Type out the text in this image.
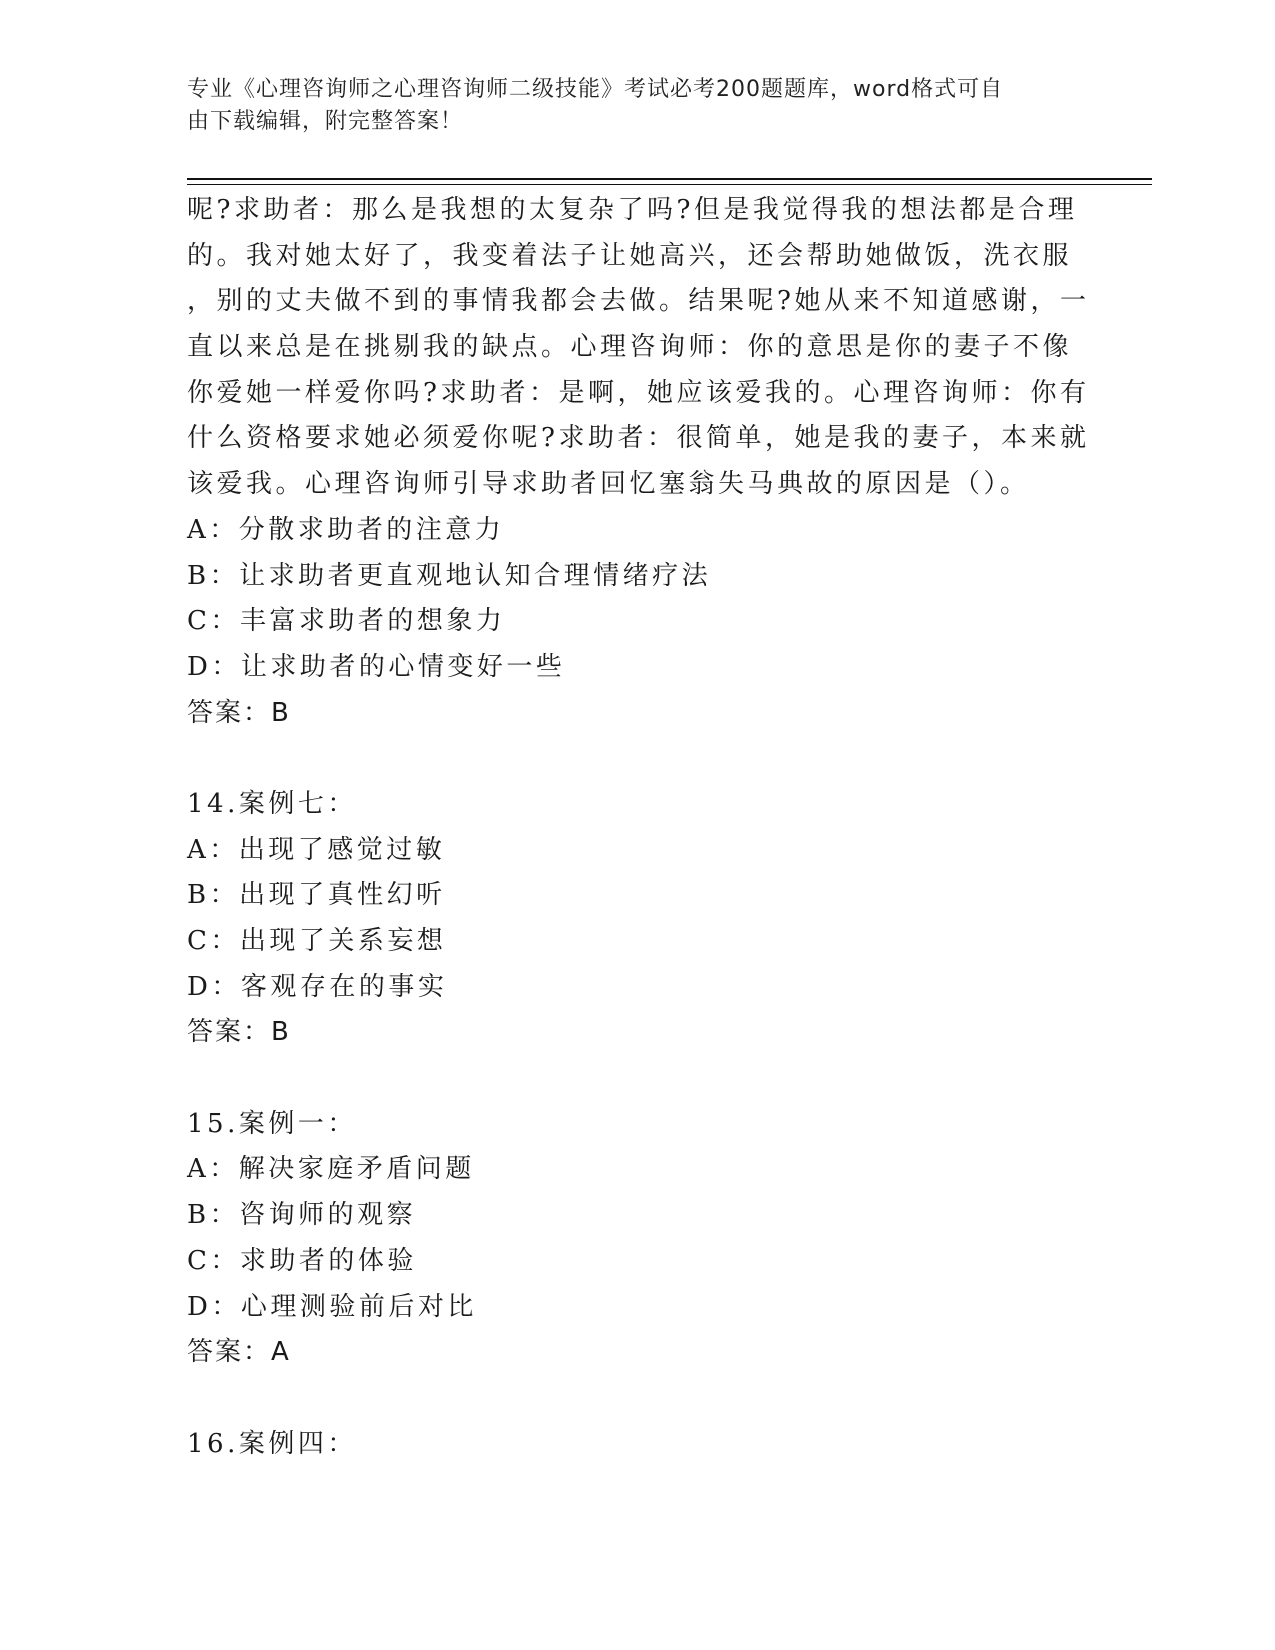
专业《心理咨询师之心理咨询师二级技能》考试必考200题题库，word格式可自
由下载编辑，附完整答案！
呢?求助者：那么是我想的太复杂了吗?但是我觉得我的想法都是合理
的。我对她太好了，我变着法子让她高兴，还会帮助她做饭，洗衣服
，别的丈夫做不到的事情我都会去做。结果呢?她从来不知道感谢，一
直以来总是在挑剔我的缺点。心理咨询师：你的意思是你的妻子不像
你爱她一样爱你吗?求助者：是啊，她应该爱我的。心理咨询师：你有
什么资格要求她必须爱你呢?求助者：很简单，她是我的妻子，本来就
该爱我。心理咨询师引导求助者回忆塞翁失马典故的原因是（）。
A：分散求助者的注意力
B：让求助者更直观地认知合理情绪疗法
C：丰富求助者的想象力
D：让求助者的心情变好一些
答案：B
14.案例七：
A：出现了感觉过敏
B：出现了真性幻听
C：出现了关系妄想
D：客观存在的事实
答案：B
15.案例一：
A：解决家庭矛盾问题
B：咨询师的观察
C：求助者的体验
D：心理测验前后对比
答案：A
16.案例四：
